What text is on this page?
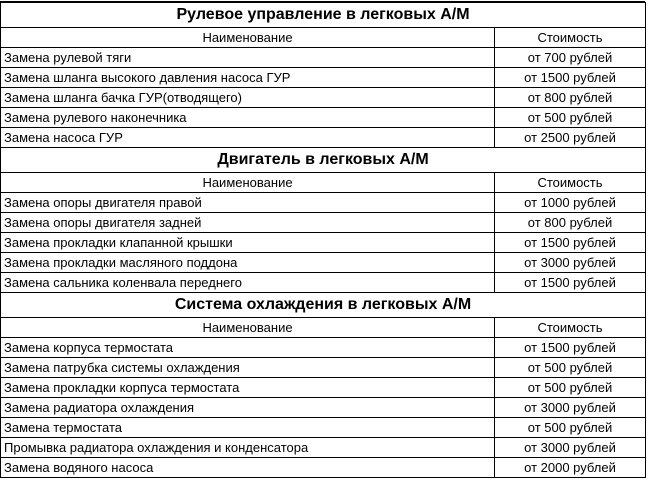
Рулевое управление в легковых А/М	
Наименование	Стоимость
Замена рулевой тяги	от 700 рублей
Замена шланга высокого давления насоса ГУР	от 1500 рублей
Замена шланга бачка ГУР(отводящего)	от 800 рублей
Замена рулевого наконечника	от 500 рублей
Замена насоса ГУР	от 2500 рублей
Двигатель в легковых А/М	
Наименование	Стоимость
Замена опоры двигателя правой	от 1000 рублей
Замена опоры двигателя задней	от 800 рублей
Замена прокладки клапанной крышки	от 1500 рублей
Замена прокладки масляного поддона	от 3000 рублей
Замена сальника коленвала переднего	от 1500 рублей
Система охлаждения в легковых А/М	
Наименование	Стоимость
Замена корпуса термостата	от 1500 рублей
Замена патрубка системы охлаждения	от 500 рублей
Замена прокладки корпуса термостата	от 500 рублей
Замена радиатора охлаждения	от 3000 рублей
Замена термостата	от 500 рублей
Промывка радиатора охлаждения и конденсатора	от 3000 рублей
Замена водяного насоса	от 2000 рублей
